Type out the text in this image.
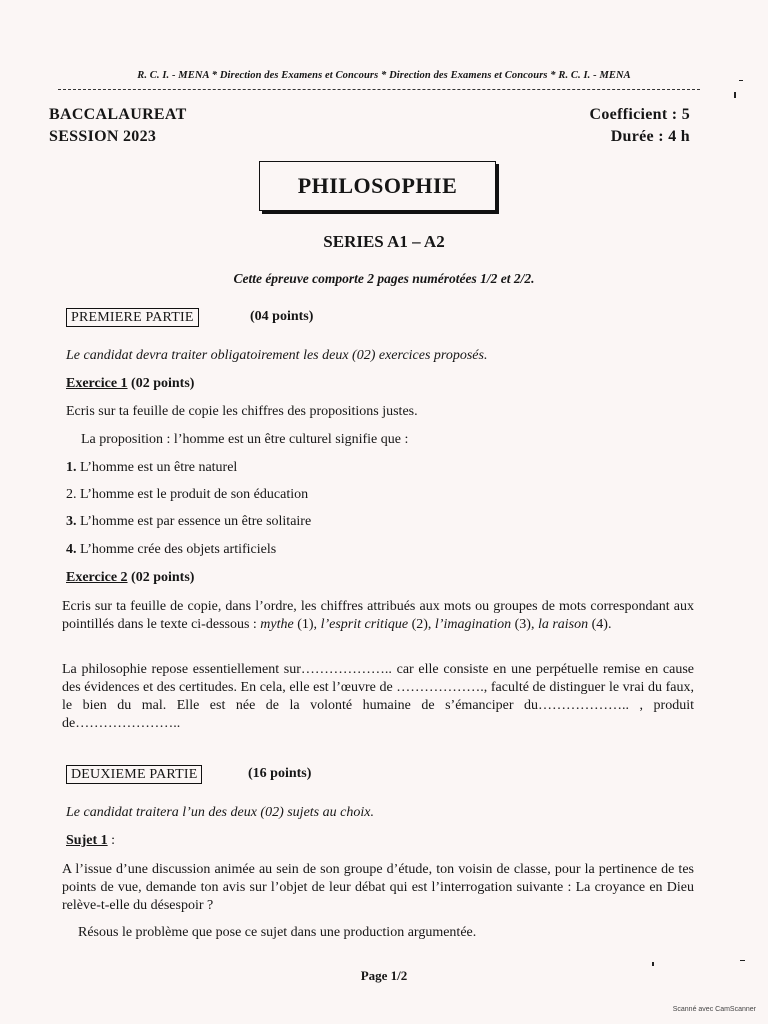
R. C. I. - MENA * Direction des Examens et Concours * Direction des Examens et Concours * R. C. I. - MENA
BACCALAUREAT
SESSION 2023
Coefficient : 5
Durée : 4 h
PHILOSOPHIE
SERIES A1 – A2
Cette épreuve comporte 2 pages numérotées 1/2 et 2/2.
PREMIERE PARTIE	(04 points)
Le candidat devra traiter obligatoirement les deux (02) exercices proposés.
Exercice 1 (02 points)
Ecris sur ta feuille de copie les chiffres des propositions justes.
La proposition : l’homme est un être culturel signifie que :
1. L’homme est un être naturel
2. L’homme est le produit de son éducation
3. L’homme est par essence un être solitaire
4. L’homme crée des objets artificiels
Exercice 2 (02 points)
Ecris sur ta feuille de copie, dans l’ordre, les chiffres attribués aux mots ou groupes de mots correspondant aux pointillés dans le texte ci-dessous : mythe (1), l’esprit critique (2), l’imagination (3), la raison (4).
La philosophie repose essentiellement sur……………….. car elle consiste en une perpétuelle remise en cause des évidences et des certitudes. En cela, elle est l’œuvre de ………………., faculté de distinguer le vrai du faux, le bien du mal. Elle est née de la volonté humaine de s’émanciper du……………….. , produit de…………………..
DEUXIEME PARTIE	(16 points)
Le candidat traitera l’un des deux (02) sujets au choix.
Sujet 1 :
A l’issue d’une discussion animée au sein de son groupe d’étude, ton voisin de classe, pour la pertinence de tes points de vue, demande ton avis sur l’objet de leur débat qui est l’interrogation suivante : La croyance en Dieu relève-t-elle du désespoir ?
Résous le problème que pose ce sujet dans une production argumentée.
Page 1/2
Scanné avec CamScanner
